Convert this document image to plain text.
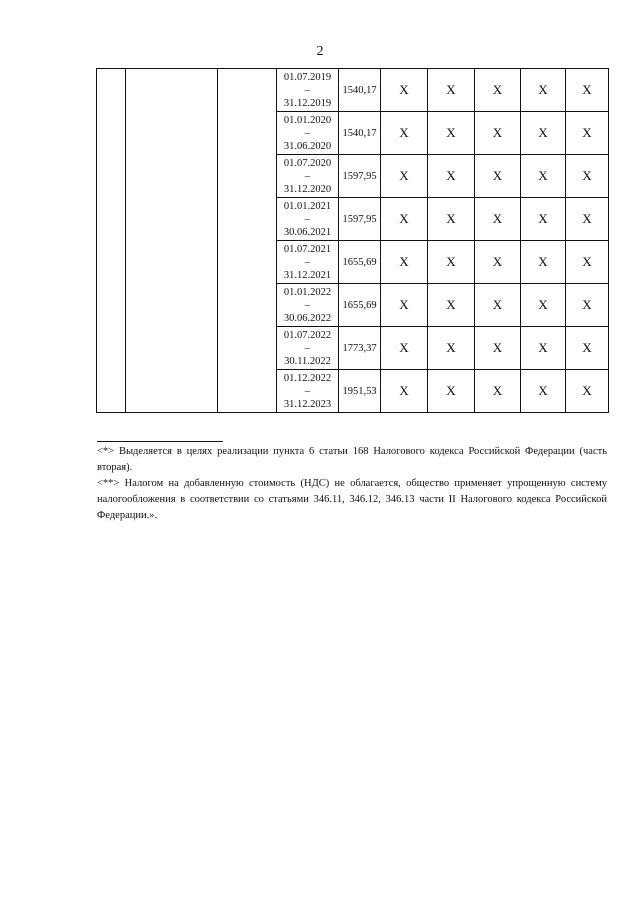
2

			01.07.2019
–
31.12.2019	1540,17	X	X	X	X	X

			01.01.2020
–
31.06.2020	1540,17	X	X	X	X	X

			01.07.2020
–
31.12.2020	1597,95	X	X	X	X	X

			01.01.2021
–
30.06.2021	1597,95	X	X	X	X	X

			01.07.2021
–
31.12.2021	1655,69	X	X	X	X	X

			01.01.2022
–
30.06.2022	1655,69	X	X	X	X	X

			01.07.2022
–
30.11.2022	1773,37	X	X	X	X	X

			01.12.2022
–
31.12.2023	1951,53	X	X	X	X	X

<*> Выделяется в целях реализации пункта 6 статьи 168 Налогового кодекса Российской Федерации (часть вторая).

<**> Налогом на добавленную стоимость (НДС) не облагается, общество применяет упрощенную систему налогообложения в соответствии со статьями 346.11, 346.12, 346.13 части II Налогового кодекса Российской Федерации.».
